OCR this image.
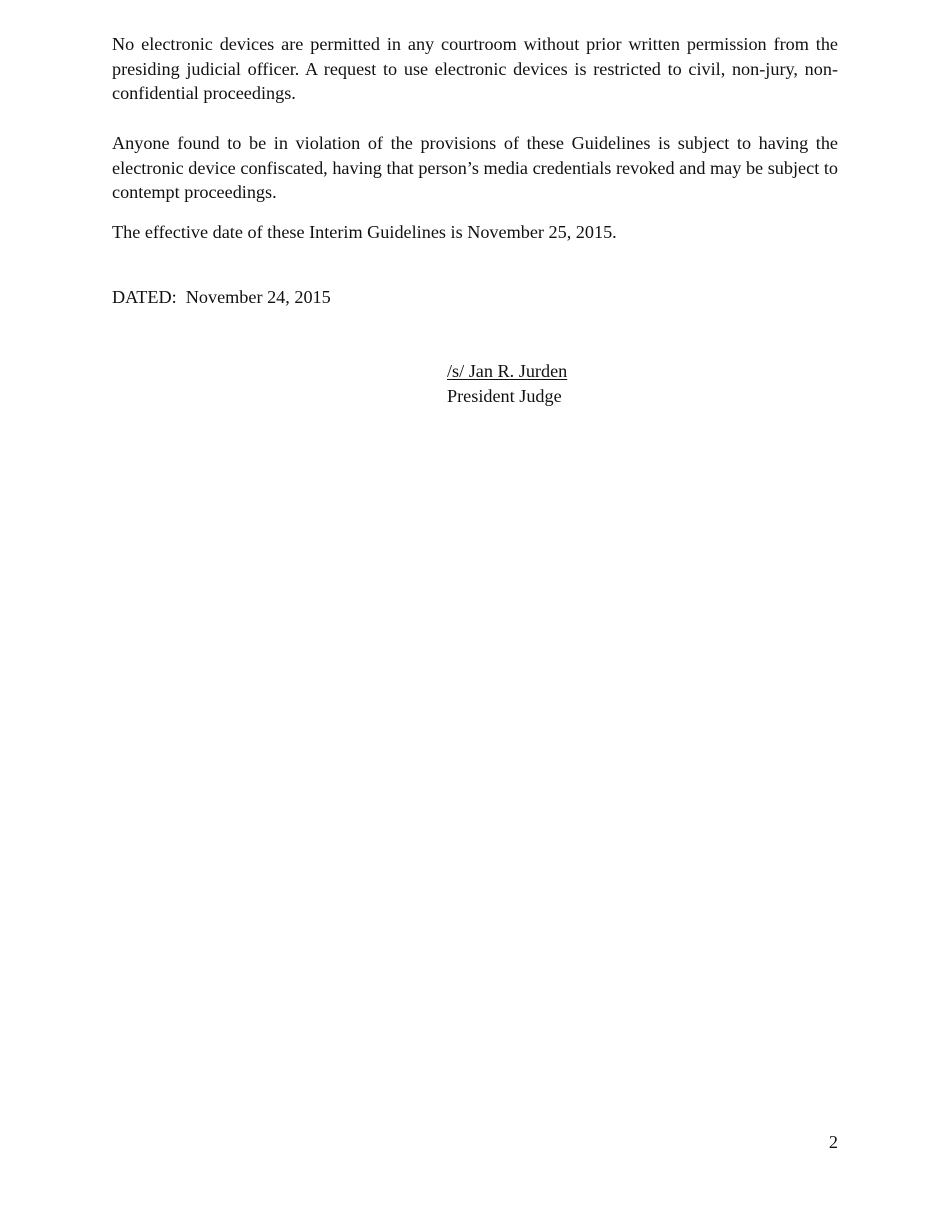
No electronic devices are permitted in any courtroom without prior written permission from the presiding judicial officer. A request to use electronic devices is restricted to civil, non-jury, non-confidential proceedings.

Anyone found to be in violation of the provisions of these Guidelines is subject to having the electronic device confiscated, having that person’s media credentials revoked and may be subject to contempt proceedings.

The effective date of these Interim Guidelines is November 25, 2015.

DATED:  November 24, 2015

/s/ Jan R. Jurden
President Judge
2
